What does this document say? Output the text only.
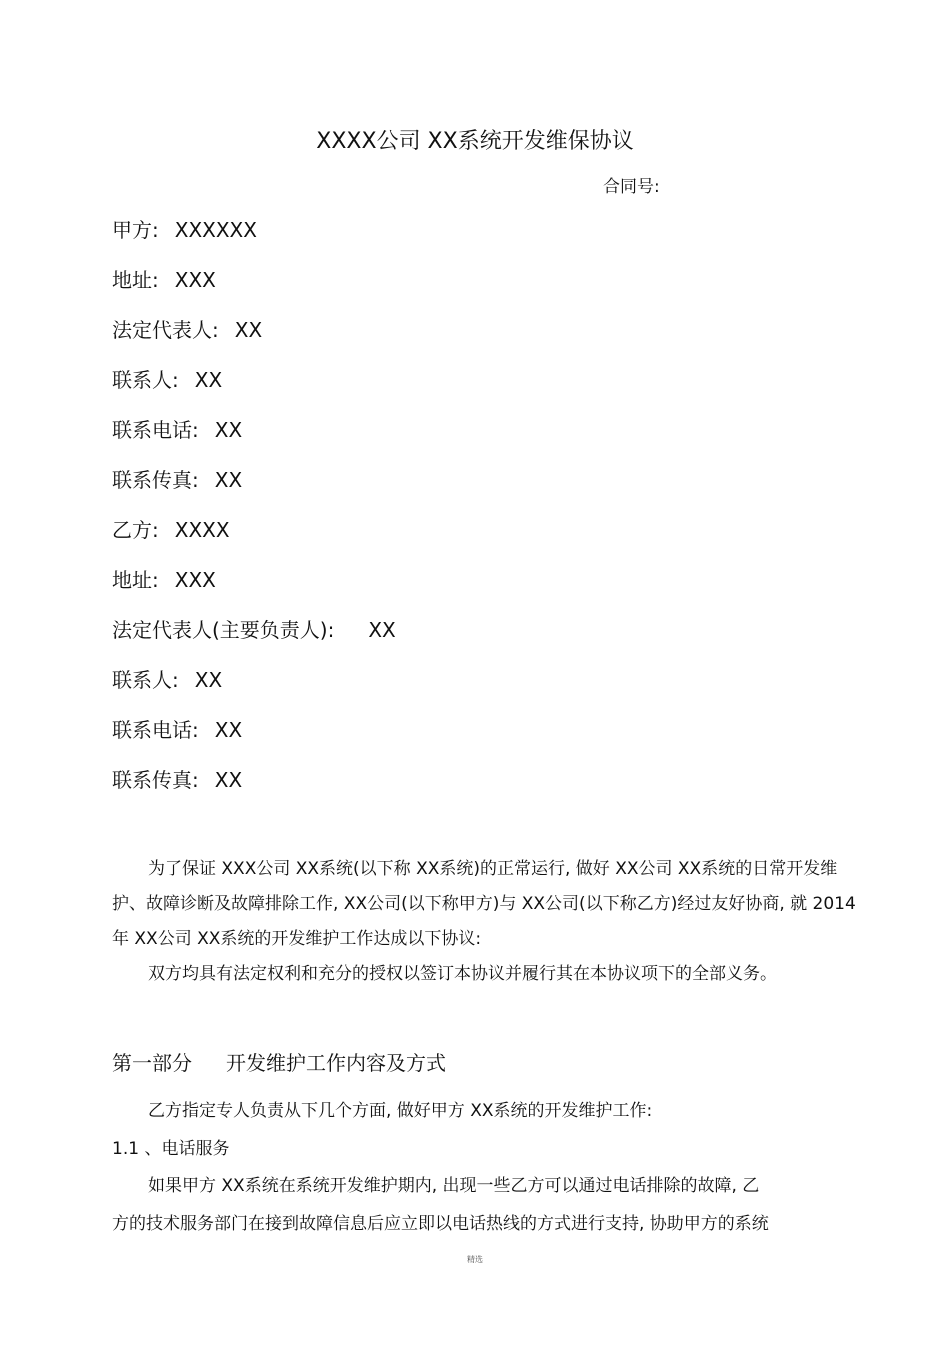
XXXX公司 XX系统开发维保协议
合同号:
甲方: XXXXXX
地址: XXX
法定代表人: XX
联系人: XX
联系电话: XX
联系传真: XX
乙方: XXXX
地址: XXX
法定代表人(主要负责人): XX
联系人: XX
联系电话: XX
联系传真: XX

为了保证 XXX公司 XX系统(以下称 XX系统)的正常运行, 做好 XX公司 XX系统的日常开发维护、故障诊断及故障排除工作, XX公司(以下称甲方)与 XX公司(以下称乙方)经过友好协商, 就 2014 年 XX公司 XX系统的开发维护工作达成以下协议:

双方均具有法定权利和充分的授权以签订本协议并履行其在本协议项下的全部义务。

第一部分 开发维护工作内容及方式
乙方指定专人负责从下几个方面, 做好甲方 XX系统的开发维护工作:
1.1 、电话服务
如果甲方 XX系统在系统开发维护期内, 出现一些乙方可以通过电话排除的故障, 乙
方的技术服务部门在接到故障信息后应立即以电话热线的方式进行支持, 协助甲方的系统
精选
